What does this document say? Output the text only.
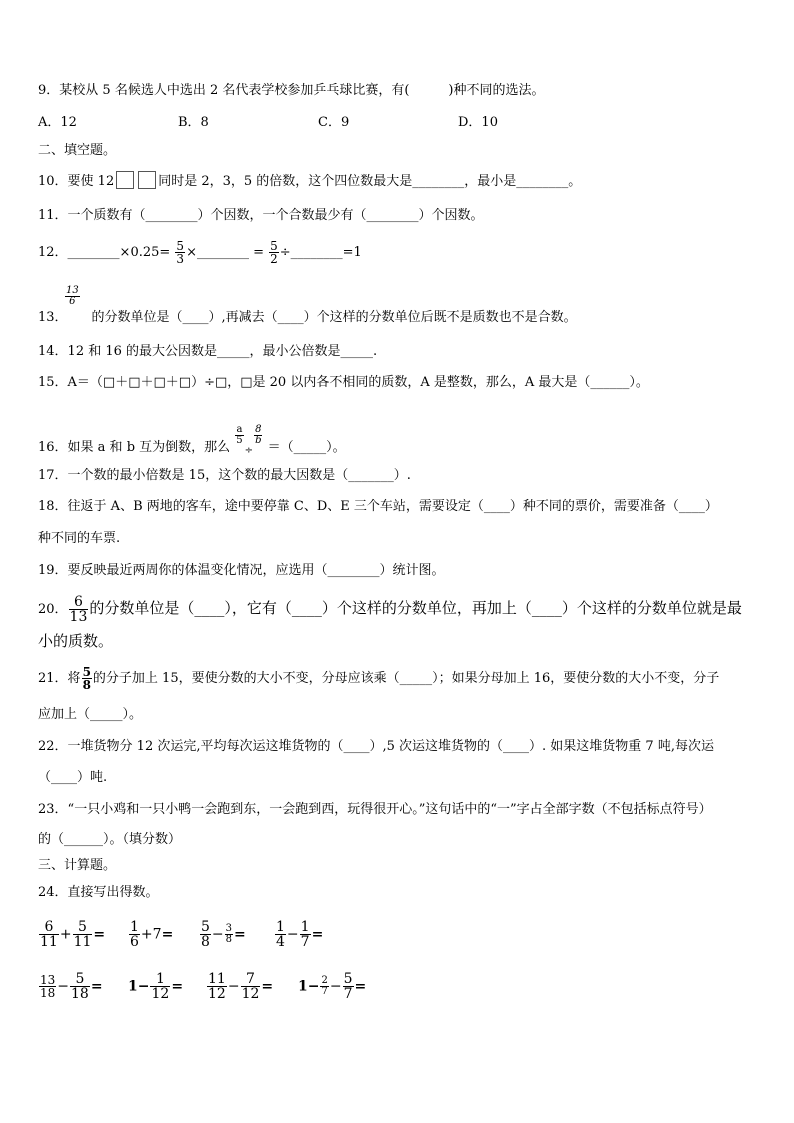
9．某校从 5 名候选人中选出 2 名代表学校参加乒乓球比赛，有(　　　)种不同的选法。
A．12	B．8	C．9	D．10
二、填空题。
10．要使 12	同时是 2，3，5 的倍数，这个四位数最大是________，最小是________。
11．一个质数有（________）个因数，一个合数最少有（________）个因数。
12．________×0.25= $\frac{5}{3}$ ×________ = $\frac{5}{2}$ ÷________=1
$\frac{13}{6}$
13． 的分数单位是（____）,再减去（____）个这样的分数单位后既不是质数也不是合数。
14．12 和 16 的最大公因数是_____，最小公倍数是_____.
15．A＝（□＋□＋□＋□）÷□，□是 20 以内各不相同的质数，A 是整数，那么，A 最大是（______）。
16．如果 a 和 b 互为倒数，那么
$\frac{a}{5}$
÷
$\frac{8}{b}$
＝（_____）。
17．一个数的最小倍数是 15，这个数的最大因数是（_______）.
18．往返于 A、B 两地的客车，途中要停靠 C、D、E 三个车站，需要设定（____）种不同的票价，需要准备（____）
种不同的车票.
19．要反映最近两周你的体温变化情况，应选用（________）统计图。
20． $\frac{6}{13}$ 的分数单位是（____），它有（____）个这样的分数单位，再加上（____）个这样的分数单位就是最
小的质数。
21．将 $\frac{5}{8}$ 的分子加上 15，要使分数的大小不变，分母应该乘（_____）；如果分母加上 16，要使分数的大小不变，分子
应加上（_____）。
22．一堆货物分 12 次运完,平均每次运这堆货物的（____）,5 次运这堆货物的（____）. 如果这堆货物重 7 吨,每次运
（____）吨.
23．“一只小鸡和一只小鸭一会跑到东，一会跑到西，玩得很开心。”这句话中的“一”字占全部字数（不包括标点符号）
的（______）。（填分数）
三、计算题。
24．直接写出得数。
$\frac{6}{11} + \frac{5}{11} = \frac{1}{6} +7= \frac{5}{8} - \frac{3}{8} = \frac{1}{4} - \frac{1}{7}$ =
$\frac{13}{18} - \frac{5}{18} = 1- \frac{1}{12} = \frac{11}{12} - \frac{7}{12} = 1- \frac{2}{7} - \frac{5}{7}$ =
